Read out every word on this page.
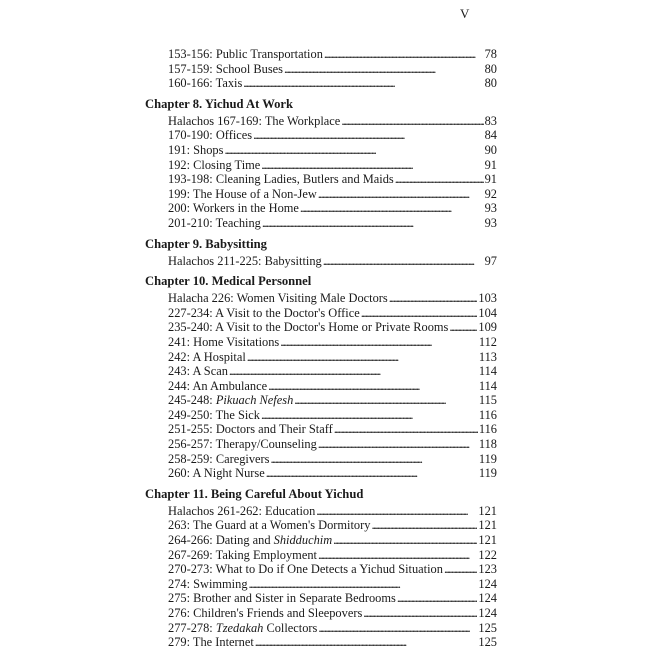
V
153-156: Public Transportation . . .	78
157-159: School Buses . . .	80
160-166: Taxis . . .	80
Chapter 8. Yichud At Work
Halachos 167-169: The Workplace . . .	83
170-190: Offices . . .	84
191: Shops . . .	90
192: Closing Time . . .	91
193-198: Cleaning Ladies, Butlers and Maids . . .	91
199: The House of a Non-Jew . . .	92
200: Workers in the Home . . .	93
201-210: Teaching . . .	93
Chapter 9. Babysitting
Halachos 211-225: Babysitting . . .	97
Chapter 10. Medical Personnel
Halacha 226: Women Visiting Male Doctors . . .	103
227-234: A Visit to the Doctor's Office . . .	104
235-240: A Visit to the Doctor's Home or Private Rooms . . . 109
241: Home Visitations . . .	112
242: A Hospital . . .	113
243: A Scan . . .	114
244: An Ambulance . . .	114
245-248: Pikuach Nefesh . . .	115
249-250: The Sick . . .	116
251-255: Doctors and Their Staff . . .	116
256-257: Therapy/Counseling . . .	118
258-259: Caregivers . . .	119
260: A Night Nurse . . .	119
Chapter 11. Being Careful About Yichud
Halachos 261-262: Education . . .	121
263: The Guard at a Women's Dormitory . . .	121
264-266: Dating and Shidduchim . . .	121
267-269: Taking Employment . . .	122
270-273: What to Do if One Detects a Yichud Situation . . .	123
274: Swimming . . .	124
275: Brother and Sister in Separate Bedrooms . . .	124
276: Children's Friends and Sleepovers . . .	124
277-278: Tzedakah Collectors . . .	125
279: The Internet . . .	125
